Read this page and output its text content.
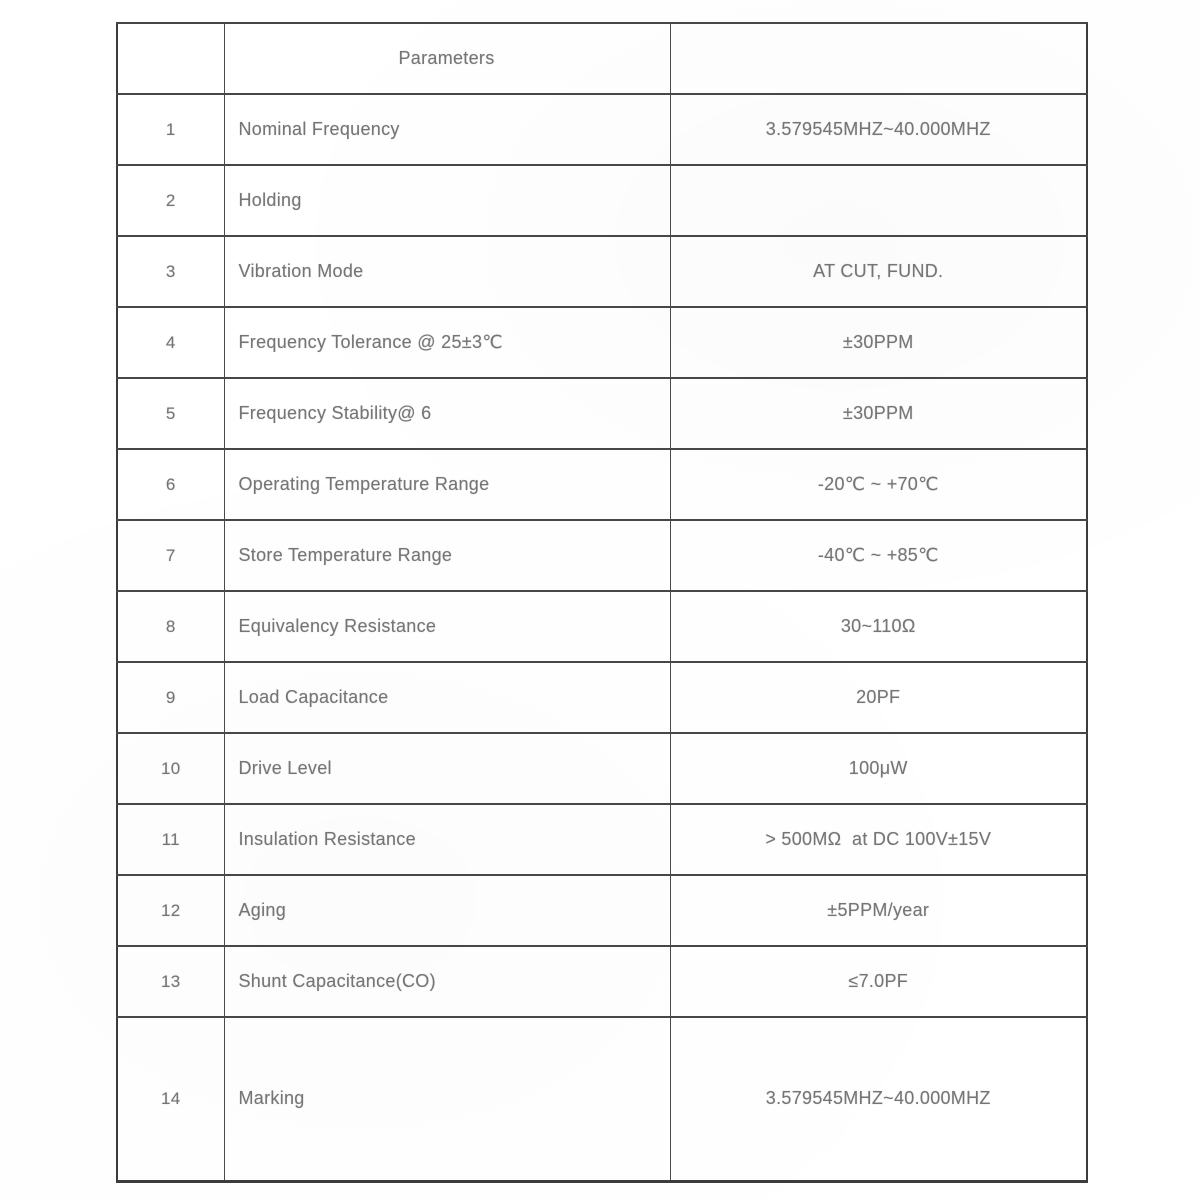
	Parameters	
1	Nominal Frequency	3.579545MHZ~40.000MHZ
2	Holding	
3	Vibration Mode	AT CUT, FUND.
4	Frequency Tolerance @ 25±3℃	±30PPM
5	Frequency Stability@ 6	±30PPM
6	Operating Temperature Range	-20℃ ~ +70℃
7	Store Temperature Range	-40℃ ~ +85℃
8	Equivalency Resistance	30~110Ω
9	Load Capacitance	20PF
10	Drive Level	100μW
11	Insulation Resistance	> 500MΩ  at DC 100V±15V
12	Aging	±5PPM/year
13	Shunt Capacitance(CO)	≤7.0PF
14	Marking	3.579545MHZ~40.000MHZ
